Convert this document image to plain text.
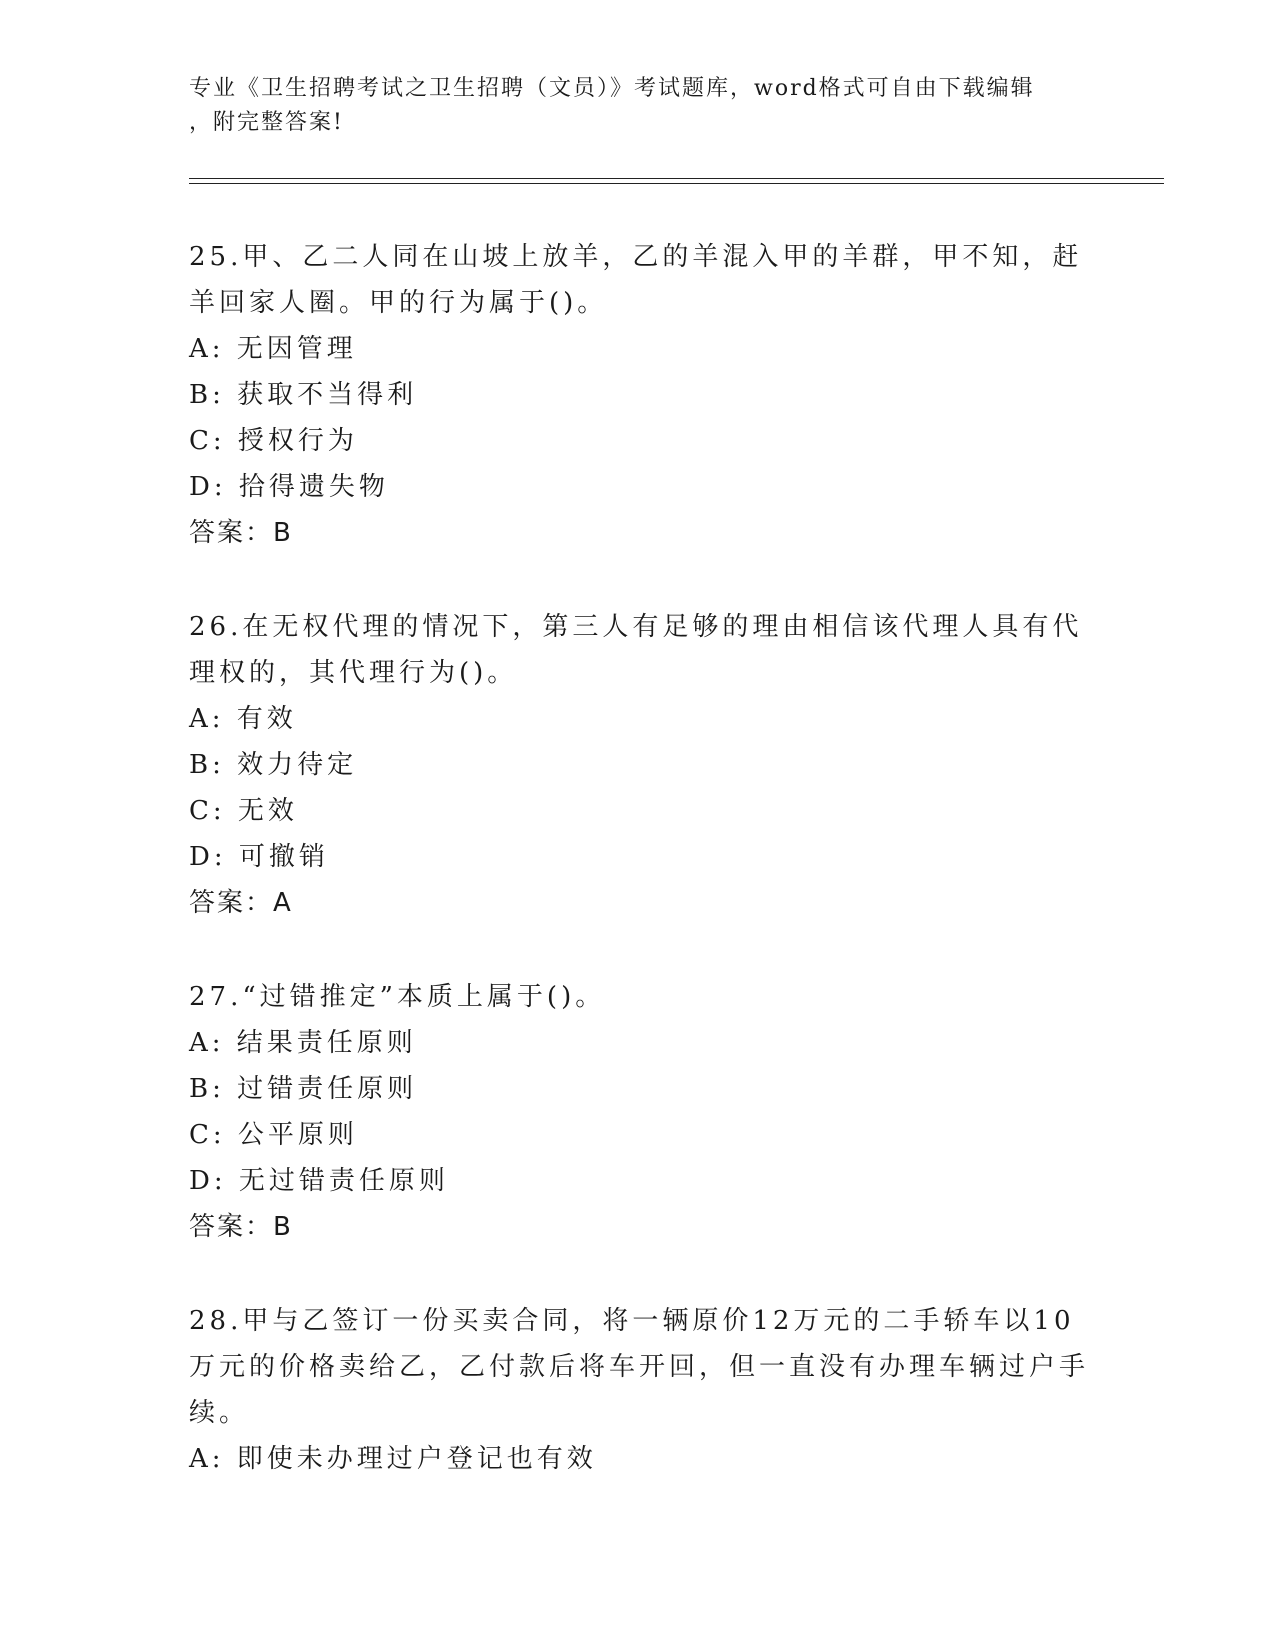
专业《卫生招聘考试之卫生招聘（文员）》考试题库，word格式可自由下载编辑
，附完整答案!
25.甲、乙二人同在山坡上放羊，乙的羊混入甲的羊群，甲不知，赶羊回家人圈。甲的行为属于()。
A: 无因管理
B: 获取不当得利
C: 授权行为
D: 拾得遗失物
答案：B
26.在无权代理的情况下，第三人有足够的理由相信该代理人具有代理权的，其代理行为()。
A: 有效
B: 效力待定
C: 无效
D: 可撤销
答案：A
27.“过错推定”本质上属于()。
A: 结果责任原则
B: 过错责任原则
C: 公平原则
D: 无过错责任原则
答案：B
28.甲与乙签订一份买卖合同，将一辆原价12万元的二手轿车以10万元的价格卖给乙，乙付款后将车开回，但一直没有办理车辆过户手续。
A: 即使未办理过户登记也有效
